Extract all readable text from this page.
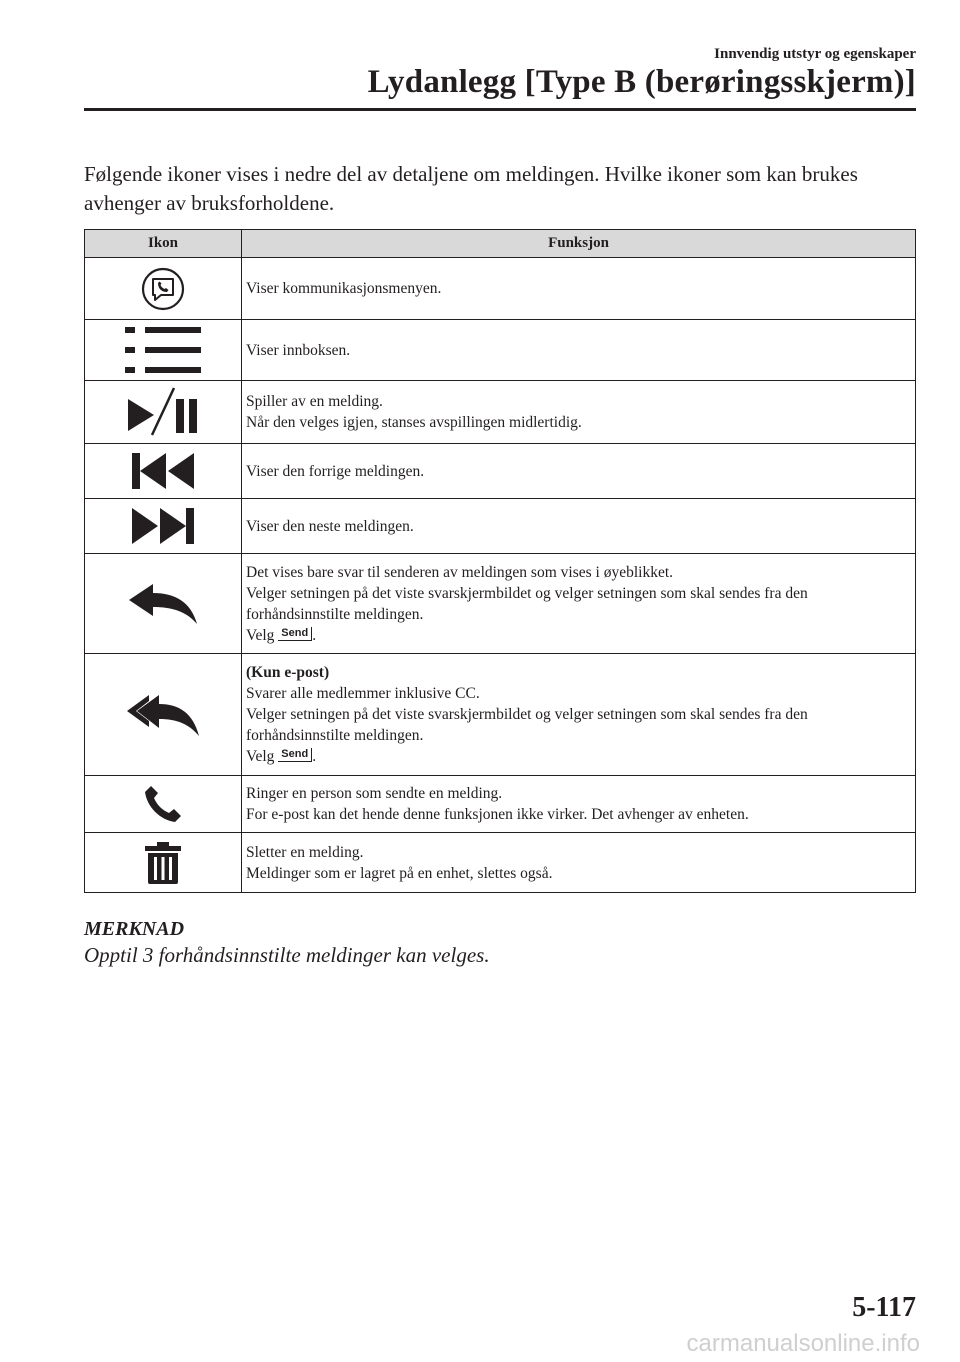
Innvendig utstyr og egenskaper
Lydanlegg [Type B (berøringsskjerm)]
Følgende ikoner vises i nedre del av detaljene om meldingen. Hvilke ikoner som kan brukes avhenger av bruksforholdene.
Ikon	Funksjon

Viser kommunikasjonsmenyen.

Viser innboksen.

Spiller av en melding.
Når den velges igjen, stanses avspillingen midlertidig.

Viser den forrige meldingen.

Viser den neste meldingen.

Det vises bare svar til senderen av meldingen som vises i øyeblikket.
Velger setningen på det viste svarskjermbildet og velger setningen som skal sendes fra den forhåndsinnstilte meldingen.
Velg Send .

(Kun e-post)
Svarer alle medlemmer inklusive CC.
Velger setningen på det viste svarskjermbildet og velger setningen som skal sendes fra den forhåndsinnstilte meldingen.
Velg Send .

Ringer en person som sendte en melding.
For e-post kan det hende denne funksjonen ikke virker. Det avhenger av enheten.

Sletter en melding.
Meldinger som er lagret på en enhet, slettes også.
MERKNAD
Opptil 3 forhåndsinnstilte meldinger kan velges.
5-117
carmanualsonline.info
